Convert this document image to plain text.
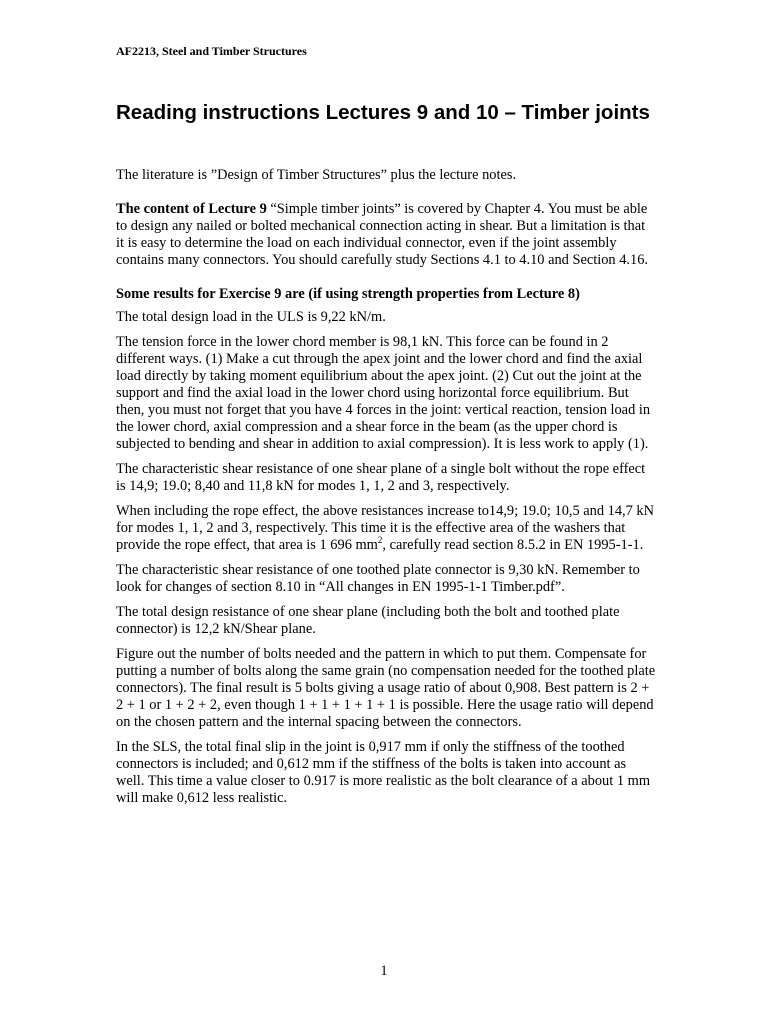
AF2213, Steel and Timber Structures
Reading instructions Lectures 9 and 10 – Timber joints

The literature is ”Design of Timber Structures” plus the lecture notes.

The content of Lecture 9 “Simple timber joints” is covered by Chapter 4. You must be able to design any nailed or bolted mechanical connection acting in shear. But a limitation is that it is easy to determine the load on each individual connector, even if the joint assembly contains many connectors. You should carefully study Sections 4.1 to 4.10 and Section 4.16.

Some results for Exercise 9 are (if using strength properties from Lecture 8)

The total design load in the ULS is 9,22 kN/m.

The tension force in the lower chord member is 98,1 kN. This force can be found in 2 different ways. (1) Make a cut through the apex joint and the lower chord and find the axial load directly by taking moment equilibrium about the apex joint. (2) Cut out the joint at the support and find the axial load in the lower chord using horizontal force equilibrium. But then, you must not forget that you have 4 forces in the joint: vertical reaction, tension load in the lower chord, axial compression and a shear force in the beam (as the upper chord is subjected to bending and shear in addition to axial compression). It is less work to apply (1).

The characteristic shear resistance of one shear plane of a single bolt without the rope effect is 14,9; 19.0; 8,40 and 11,8 kN for modes 1, 1, 2 and 3, respectively.

When including the rope effect, the above resistances increase to14,9; 19.0; 10,5 and 14,7 kN for modes 1, 1, 2 and 3, respectively. This time it is the effective area of the washers that provide the rope effect, that area is 1 696 $mm^2$, carefully read section 8.5.2 in EN 1995-1-1.

The characteristic shear resistance of one toothed plate connector is 9,30 kN. Remember to look for changes of section 8.10 in “All changes in EN 1995-1-1 Timber.pdf”.

The total design resistance of one shear plane (including both the bolt and toothed plate connector) is 12,2 kN/Shear plane.

Figure out the number of bolts needed and the pattern in which to put them. Compensate for putting a number of bolts along the same grain (no compensation needed for the toothed plate connectors). The final result is 5 bolts giving a usage ratio of about 0,908. Best pattern is 2 + 2 + 1 or 1 + 2 + 2, even though 1 + 1 + 1 + 1 + 1 is possible. Here the usage ratio will depend on the chosen pattern and the internal spacing between the connectors.

In the SLS, the total final slip in the joint is 0,917 mm if only the stiffness of the toothed connectors is included; and 0,612 mm if the stiffness of the bolts is taken into account as well. This time a value closer to 0.917 is more realistic as the bolt clearance of a about 1 mm will make 0,612 less realistic.

1
